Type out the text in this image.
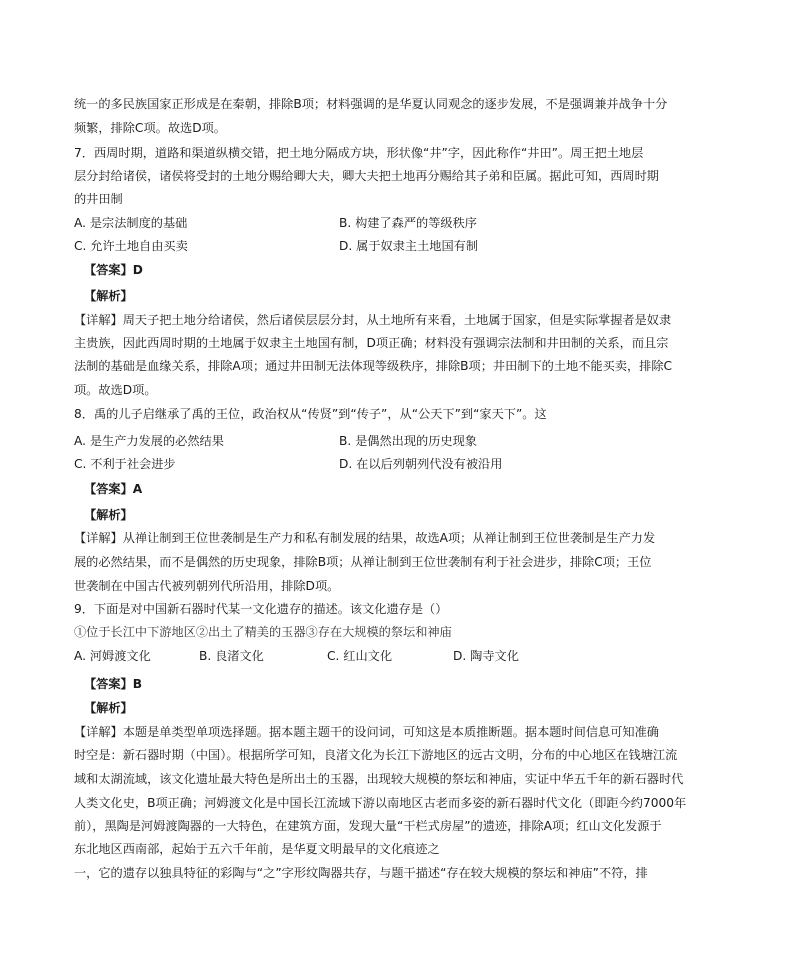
统一的多民族国家正形成是在秦朝，排除B项；材料强调的是华夏认同观念的逐步发展，不是强调兼并战争十分
频繁，排除C项。故选D项。
7．西周时期，道路和渠道纵横交错，把土地分隔成方块，形状像“井”字，因此称作“井田”。周王把土地层
层分封给诸侯，诸侯将受封的土地分赐给卿大夫，卿大夫把土地再分赐给其子弟和臣属。据此可知，西周时期
的井田制
A. 是宗法制度的基础	B. 构建了森严的等级秩序
C. 允许土地自由买卖	D. 属于奴隶主土地国有制
【答案】D
【解析】
【详解】周天子把土地分给诸侯，然后诸侯层层分封，从土地所有来看，土地属于国家，但是实际掌握者是奴隶
主贵族，因此西周时期的土地属于奴隶主土地国有制，D项正确；材料没有强调宗法制和井田制的关系，而且宗
法制的基础是血缘关系，排除A项；通过井田制无法体现等级秩序，排除B项；井田制下的土地不能买卖，排除C
项。故选D项。
8．禹的儿子启继承了禹的王位，政治权从“传贤”到“传子”，从“公天下”到“家天下”。这
A. 是生产力发展的必然结果	B. 是偶然出现的历史现象
C. 不利于社会进步	D. 在以后列朝列代没有被沿用
【答案】A
【解析】
【详解】从禅让制到王位世袭制是生产力和私有制发展的结果，故选A项；从禅让制到王位世袭制是生产力发
展的必然结果，而不是偶然的历史现象，排除B项；从禅让制到王位世袭制有利于社会进步，排除C项；王位
世袭制在中国古代被列朝列代所沿用，排除D项。
9．下面是对中国新石器时代某一文化遗存的描述。该文化遗存是（）
①位于长江中下游地区②出土了精美的玉器③存在大规模的祭坛和神庙
A. 河姆渡文化	B. 良渚文化	C. 红山文化	D. 陶寺文化
【答案】B
【解析】
【详解】本题是单类型单项选择题。据本题主题干的设问词，可知这是本质推断题。据本题时间信息可知准确
时空是：新石器时期（中国）。根据所学可知，良渚文化为长江下游地区的远古文明，分布的中心地区在钱塘江流
域和太湖流域，该文化遗址最大特色是所出土的玉器，出现较大规模的祭坛和神庙，实证中华五千年的新石器时代
人类文化史，B项正确；河姆渡文化是中国长江流域下游以南地区古老而多姿的新石器时代文化（即距今约7000年
前），黑陶是河姆渡陶器的一大特色，在建筑方面，发现大量“干栏式房屋”的遗迹，排除A项；红山文化发源于
东北地区西南部，起始于五六千年前，是华夏文明最早的文化痕迹之
一，它的遗存以独具特征的彩陶与“之”字形纹陶器共存，与题干描述“存在较大规模的祭坛和神庙”不符，排
